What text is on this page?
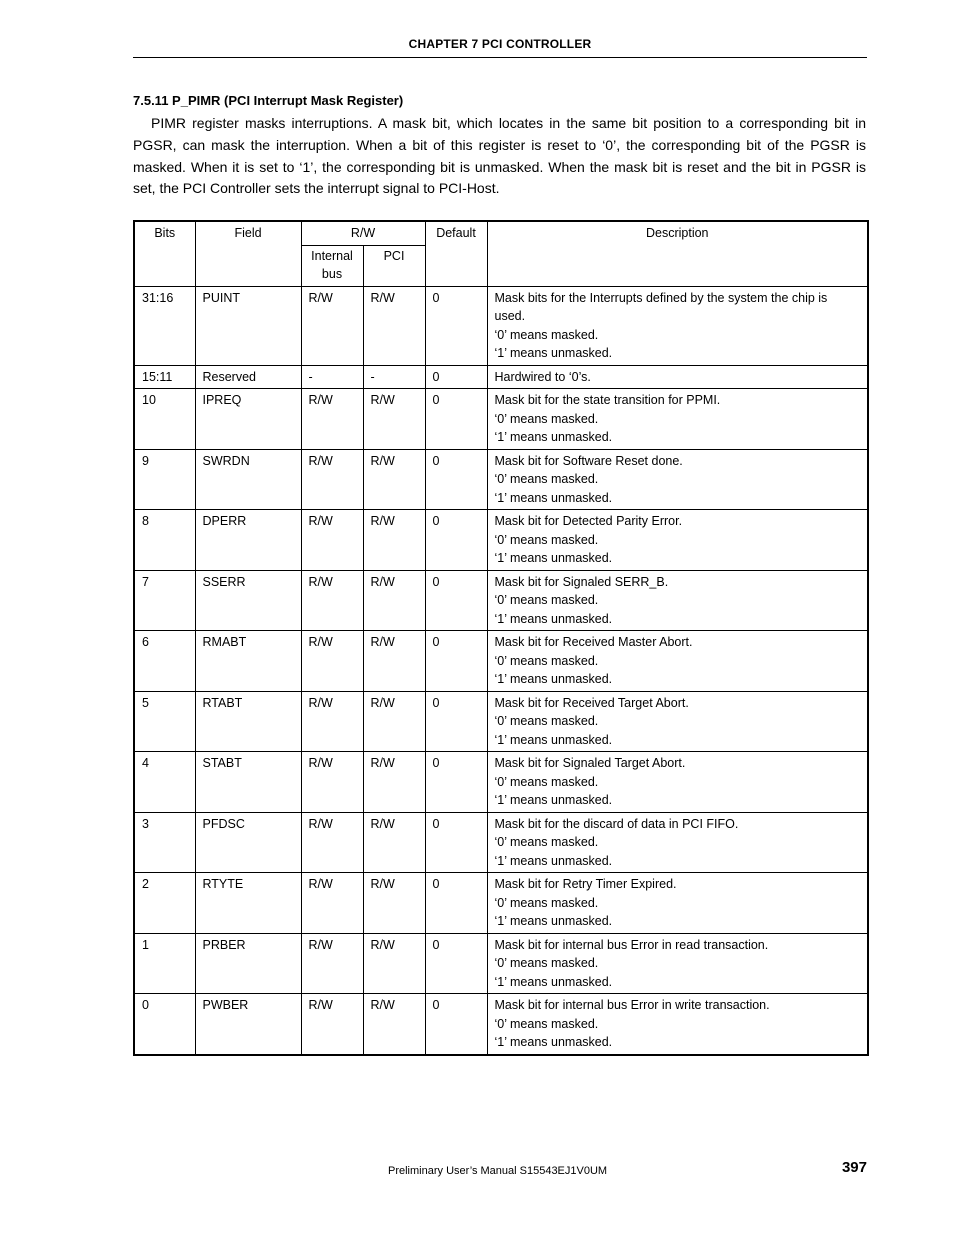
CHAPTER 7 PCI CONTROLLER
7.5.11 P_PIMR (PCI Interrupt Mask Register)

PIMR register masks interruptions. A mask bit, which locates in the same bit position to a corresponding bit in PGSR, can mask the interruption. When a bit of this register is reset to ‘0’, the corresponding bit of the PGSR is masked. When it is set to ‘1’, the corresponding bit is unmasked. When the mask bit is reset and the bit in PGSR is set, the PCI Controller sets the interrupt signal to PCI-Host.

Bits	Field	R/W		Default	Description
		Internal bus	PCI		
31:16	PUINT	R/W	R/W	0	Mask bits for the Interrupts defined by the system the chip is used.
‘0’ means masked.
‘1’ means unmasked.

15:11	Reserved	-	-	0	Hardwired to ‘0’s.

10	IPREQ	R/W	R/W	0	Mask bit for the state transition for PPMI.
‘0’ means masked.
‘1’ means unmasked.

9	SWRDN	R/W	R/W	0	Mask bit for Software Reset done.
‘0’ means masked.
‘1’ means unmasked.

8	DPERR	R/W	R/W	0	Mask bit for Detected Parity Error.
‘0’ means masked.
‘1’ means unmasked.

7	SSERR	R/W	R/W	0	Mask bit for Signaled SERR_B.
‘0’ means masked.
‘1’ means unmasked.

6	RMABT	R/W	R/W	0	Mask bit for Received Master Abort.
‘0’ means masked.
‘1’ means unmasked.

5	RTABT	R/W	R/W	0	Mask bit for Received Target Abort.
‘0’ means masked.
‘1’ means unmasked.

4	STABT	R/W	R/W	0	Mask bit for Signaled Target Abort.
‘0’ means masked.
‘1’ means unmasked.

3	PFDSC	R/W	R/W	0	Mask bit for the discard of data in PCI FIFO.
‘0’ means masked.
‘1’ means unmasked.

2	RTYTE	R/W	R/W	0	Mask bit for Retry Timer Expired.
‘0’ means masked.
‘1’ means unmasked.

1	PRBER	R/W	R/W	0	Mask bit for internal bus Error in read transaction.
‘0’ means masked.
‘1’ means unmasked.

0	PWBER	R/W	R/W	0	Mask bit for internal bus Error in write transaction.
‘0’ means masked.
‘1’ means unmasked.
Preliminary User’s Manual S15543EJ1V0UM	397
